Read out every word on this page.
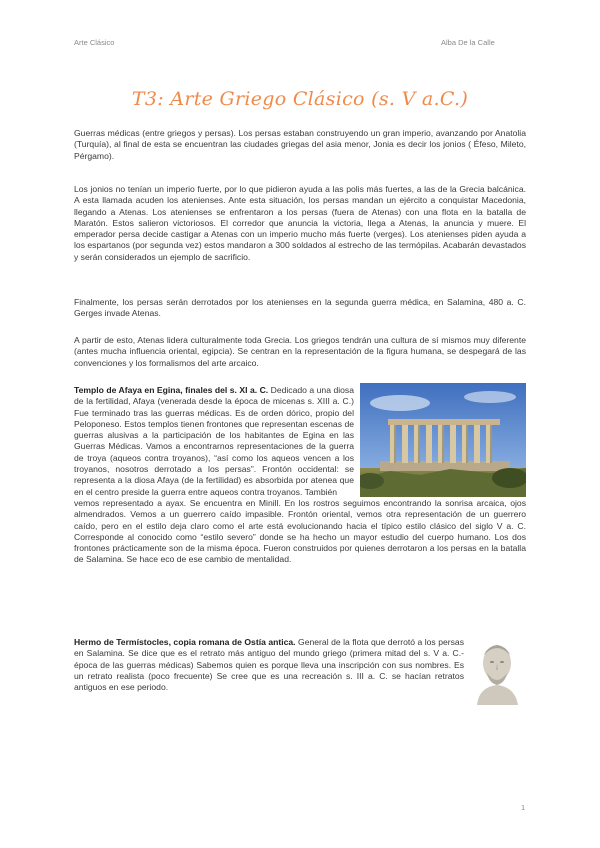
Arte Clásico	Alba De la Calle
T3: Arte Griego Clásico (s. V a.C.)

Guerras médicas (entre griegos y persas). Los persas estaban construyendo un gran imperio, avanzando por Anatolia (Turquía), al final de esta se encuentran las ciudades griegas del asia menor, Jonia es decir los jonios ( Éfeso, Mileto, Pérgamo).

Los jonios no tenían un imperio fuerte, por lo que pidieron ayuda a las polis más fuertes, a las de la Grecia balcánica. A esta llamada acuden los atenienses. Ante esta situación, los persas mandan un ejército a conquistar Macedonia, llegando a Atenas. Los atenienses se enfrentaron a los persas (fuera de Atenas) con una flota en la batalla de Maratón. Estos salieron victoriosos. El corredor que anuncia la victoria, llega a Atenas, la anuncia y muere. El emperador persa decide castigar a Atenas con un imperio mucho más fuerte (verges). Los atenienses piden ayuda a los espartanos (por segunda vez) estos mandaron a 300 soldados al estrecho de las termópilas. Acabarán devastados y serán considerados un ejemplo de sacrificio.

Finalmente, los persas serán derrotados por los atenienses en la segunda guerra médica, en Salamina, 480 a. C. Gerges invade Atenas.

A partir de esto, Atenas lidera culturalmente toda Grecia. Los griegos tendrán una cultura de sí mismos muy diferente (antes mucha influencia oriental, egipcia). Se centran en la representación de la figura humana, se despegará de las convenciones y los formalismos del arte arcaico.

Templo de Afaya en Egina, finales del s. XI a. C. Dedicado a una diosa de la fertilidad, Afaya (venerada desde la época de micenas s. XIII a. C.) Fue terminado tras las guerras médicas. Es de orden dórico, propio del Peloponeso. Estos templos tienen frontones que representan escenas de guerras alusivas a la participación de los habitantes de Egina en las Guerras Médicas. Vamos a encontrarnos representaciones de la guerra de troya (aqueos contra troyanos), “así como los aqueos vencen a los troyanos, nosotros derrotado a los persas”. Frontón occidental: se representa a la diosa Afaya (de la fertilidad) es absorbida por atenea que en el centro preside la guerra entre aqueos contra troyanos. También

vemos representado a ayax. Se encuentra en Minill. En los rostros seguimos encontrando la sonrisa arcaica, ojos almendrados. Vemos a un guerrero caído impasible. Frontón oriental, vemos otra representación de un guerrero caído, pero en el estilo deja claro como el arte está evolucionando hacia el típico estilo clásico del siglo V a. C. Corresponde al conocido como “estilo severo” donde se ha hecho un mayor estudio del cuerpo humano. Los dos frontones prácticamente son de la misma época. Fueron construidos por quienes derrotaron a los persas en la batalla de Salamina. Se hace eco de ese cambio de mentalidad.

Hermo de Termístocles, copia romana de Ostía antica. General de la flota que derrotó a los persas en Salamina. Se dice que es el retrato más antiguo del mundo griego (primera mitad del s. V a. C.- época de las guerras médicas) Sabemos quien es porque lleva una inscripción con sus nombres. Es un retrato realista (poco frecuente) Se cree que es una recreación s. III a. C. se hacían retratos antiguos en ese periodo.

1
